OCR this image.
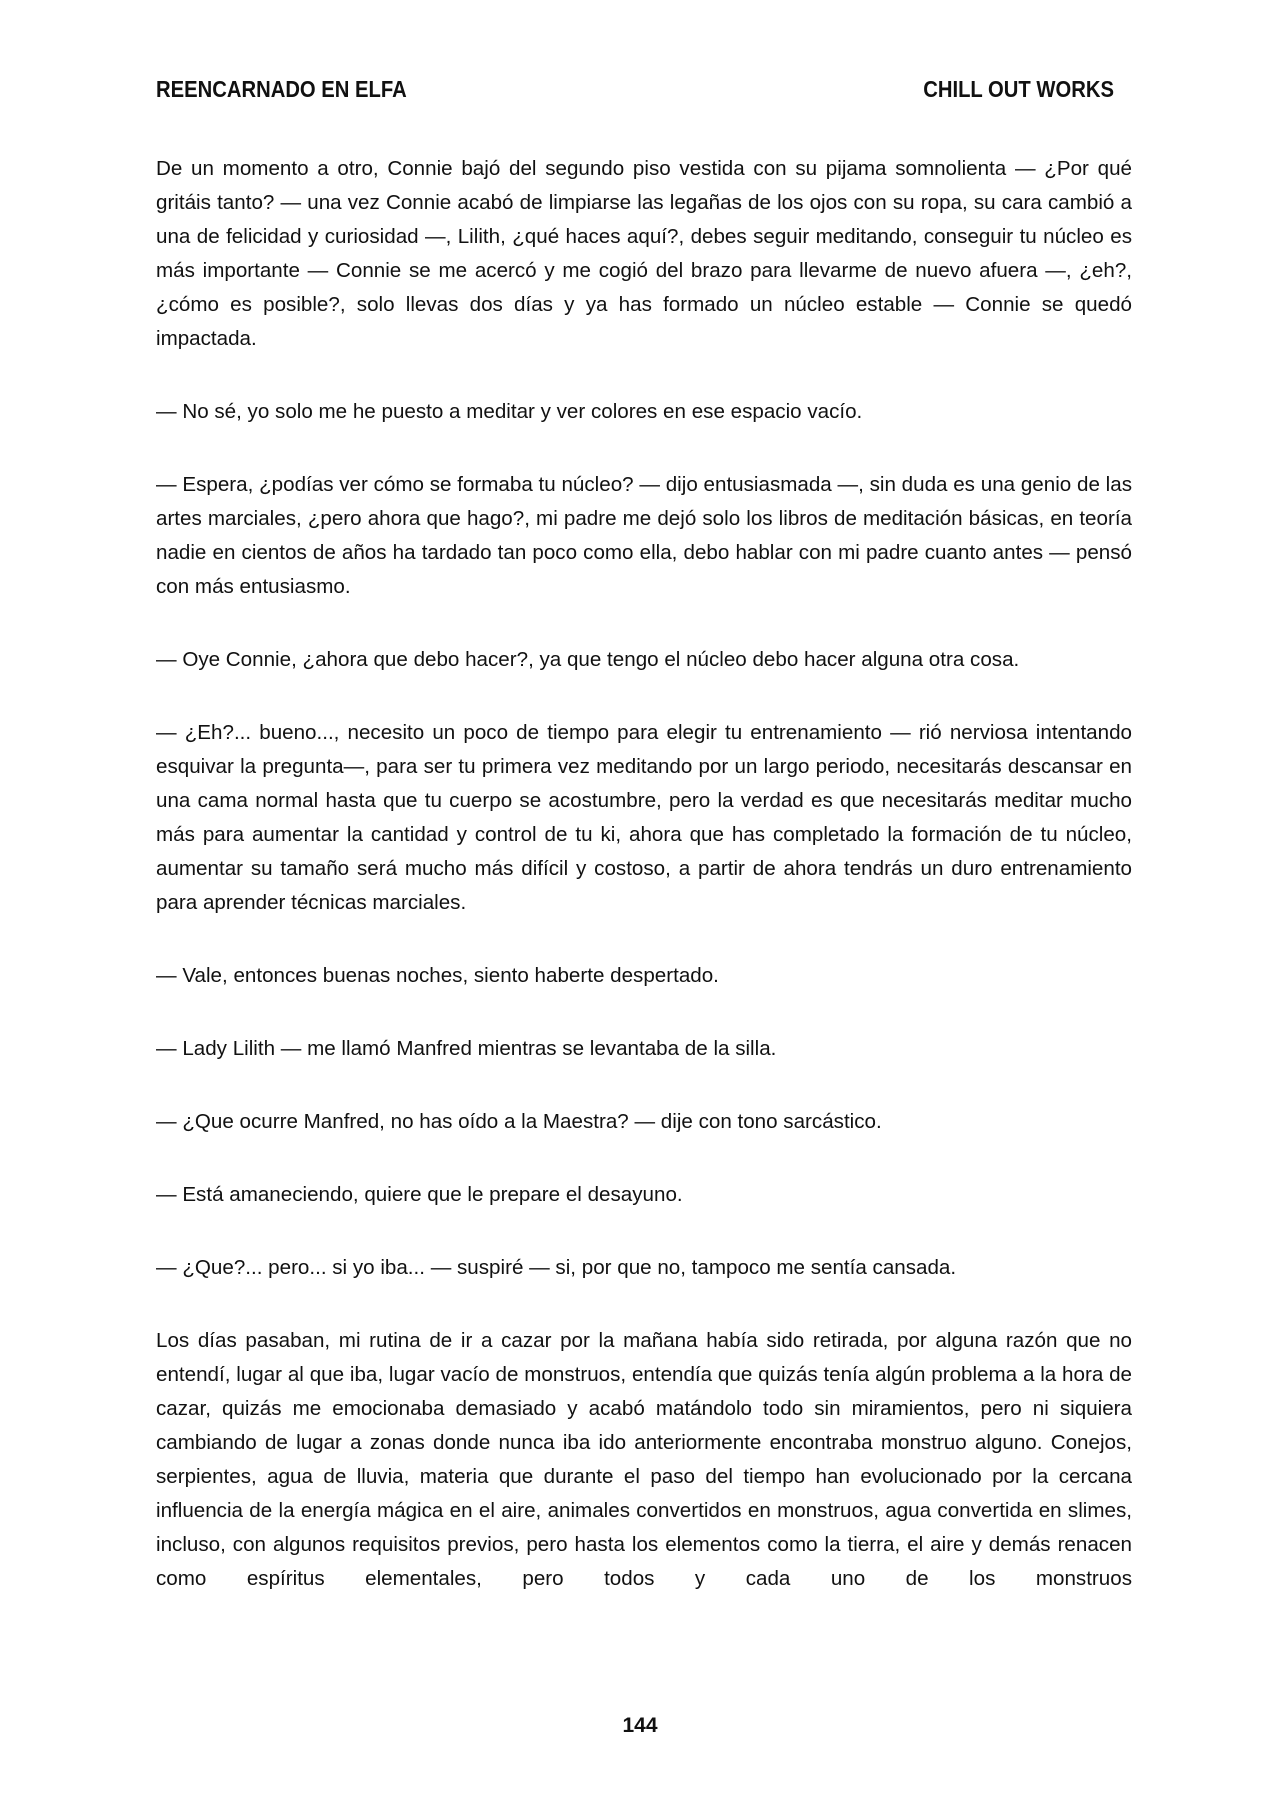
REENCARNADO EN ELFA	CHILL OUT WORKS

De un momento a otro, Connie bajó del segundo piso vestida con su pijama somnolienta — ¿Por qué gritáis tanto? — una vez Connie acabó de limpiarse las legañas de los ojos con su ropa, su cara cambió a una de felicidad y curiosidad —, Lilith, ¿qué haces aquí?, debes seguir meditando, conseguir tu núcleo es más importante — Connie se me acercó y me cogió del brazo para llevarme de nuevo afuera —, ¿eh?, ¿cómo es posible?, solo llevas dos días y ya has formado un núcleo estable — Connie se quedó impactada.

— No sé, yo solo me he puesto a meditar y ver colores en ese espacio vacío.

— Espera, ¿podías ver cómo se formaba tu núcleo? — dijo entusiasmada —, sin duda es una genio de las artes marciales, ¿pero ahora que hago?, mi padre me dejó solo los libros de meditación básicas, en teoría nadie en cientos de años ha tardado tan poco como ella, debo hablar con mi padre cuanto antes — pensó con más entusiasmo.

— Oye Connie, ¿ahora que debo hacer?, ya que tengo el núcleo debo hacer alguna otra cosa.

— ¿Eh?... bueno..., necesito un poco de tiempo para elegir tu entrenamiento — rió nerviosa intentando esquivar la pregunta—, para ser tu primera vez meditando por un largo periodo, necesitarás descansar en una cama normal hasta que tu cuerpo se acostumbre, pero la verdad es que necesitarás meditar mucho más para aumentar la cantidad y control de tu ki, ahora que has completado la formación de tu núcleo, aumentar su tamaño será mucho más difícil y costoso, a partir de ahora tendrás un duro entrenamiento para aprender técnicas marciales.

— Vale, entonces buenas noches, siento haberte despertado.

— Lady Lilith — me llamó Manfred mientras se levantaba de la silla.

— ¿Que ocurre Manfred, no has oído a la Maestra? — dije con tono sarcástico.

— Está amaneciendo, quiere que le prepare el desayuno.

— ¿Que?... pero... si yo iba... — suspiré — si, por que no, tampoco me sentía cansada.

Los días pasaban, mi rutina de ir a cazar por la mañana había sido retirada, por alguna razón que no entendí, lugar al que iba, lugar vacío de monstruos, entendía que quizás tenía algún problema a la hora de cazar, quizás me emocionaba demasiado y acabó matándolo todo sin miramientos, pero ni siquiera cambiando de lugar a zonas donde nunca iba ido anteriormente encontraba monstruo alguno. Conejos, serpientes, agua de lluvia, materia que durante el paso del tiempo han evolucionado por la cercana influencia de la energía mágica en el aire, animales convertidos en monstruos, agua convertida en slimes, incluso, con algunos requisitos previos, pero hasta los elementos como la tierra, el aire y demás renacen como espíritus elementales, pero todos y cada uno de los monstruos

144
